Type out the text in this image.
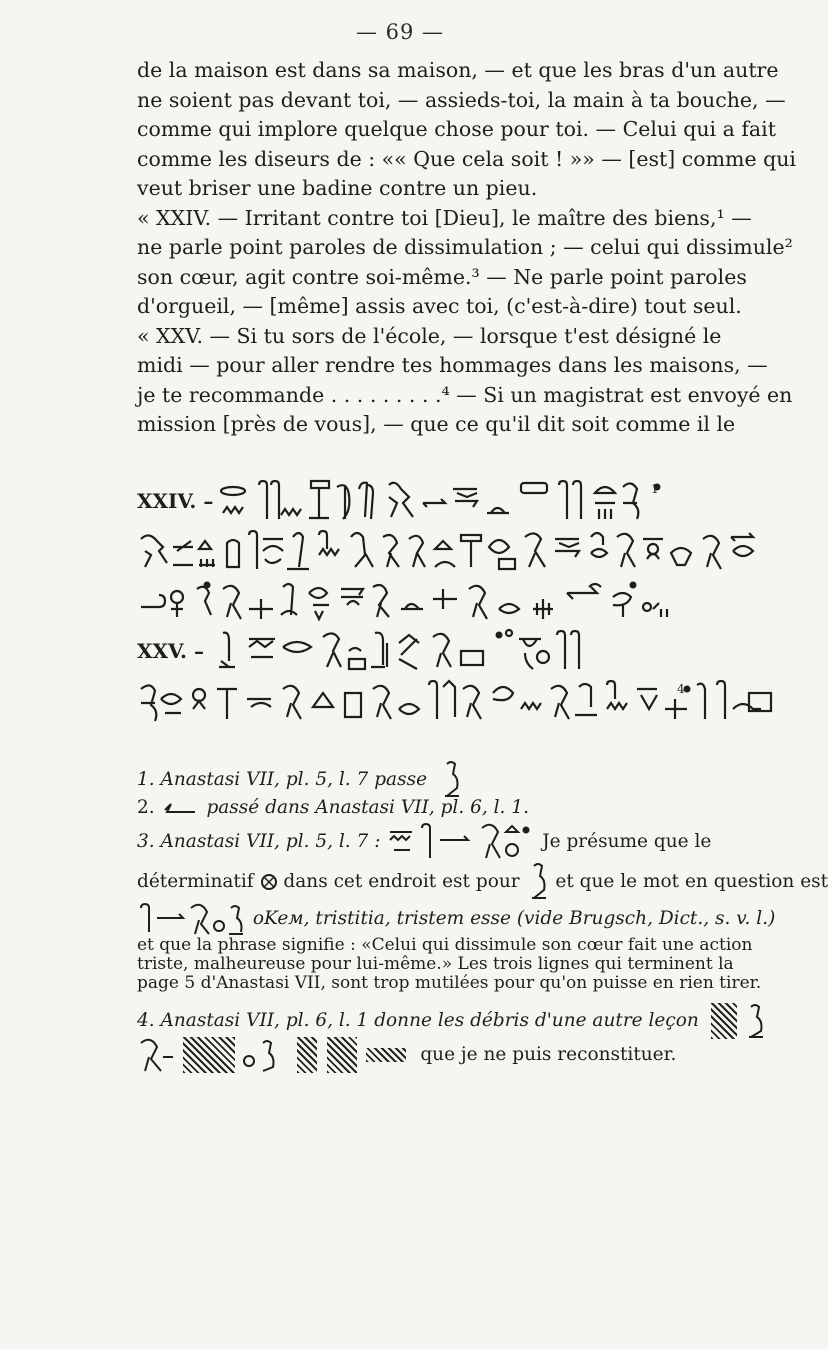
— 69 —
de la maison est dans sa maison, — et que les bras d'un autre
ne soient pas devant toi, — assieds-toi, la main à ta bouche, —
comme qui implore quelque chose pour toi. — Celui qui a fait
comme les diseurs de : «« Que cela soit ! »» — [est] comme qui
veut briser une badine contre un pieu.
« XXIV. — Irritant contre toi [Dieu], le maître des biens,¹ —
ne parle point paroles de dissimulation ; — celui qui dissimule²
son cœur, agit contre soi-même.³ — Ne parle point paroles
d'orgueil, — [même] assis avec toi, (c'est-à-dire) tout seul.
« XXV. — Si tu sors de l'école, — lorsque t'est désigné le
midi — pour aller rendre tes hommages dans les maisons, —
je te recommande . . . . . . . . .⁴ — Si un magistrat est envoyé en
mission [près de vous], — que ce qu'il dit soit comme il le
XXIV. –	1
XXV. –
4
1. Anastasi VII, pl. 5, l. 7 passe
2.	passé dans Anastasi VII, pl. 6, l. 1.
3. Anastasi VII, pl. 5, l. 7 :	Je présume que le
déterminatif dans cet endroit est pour et que le mot en question est
oKeм, tristitia, tristem esse (vide Brugsch, Dict., s. v. l.)
et que la phrase signifie : «Celui qui dissimule son cœur fait une action
triste, malheureuse pour lui-même.» Les trois lignes qui terminent la
page 5 d'Anastasi VII, sont trop mutilées pour qu'on puisse en rien tirer.
4. Anastasi VII, pl. 6, l. 1 donne les débris d'une autre leçon
que je ne puis reconstituer.
